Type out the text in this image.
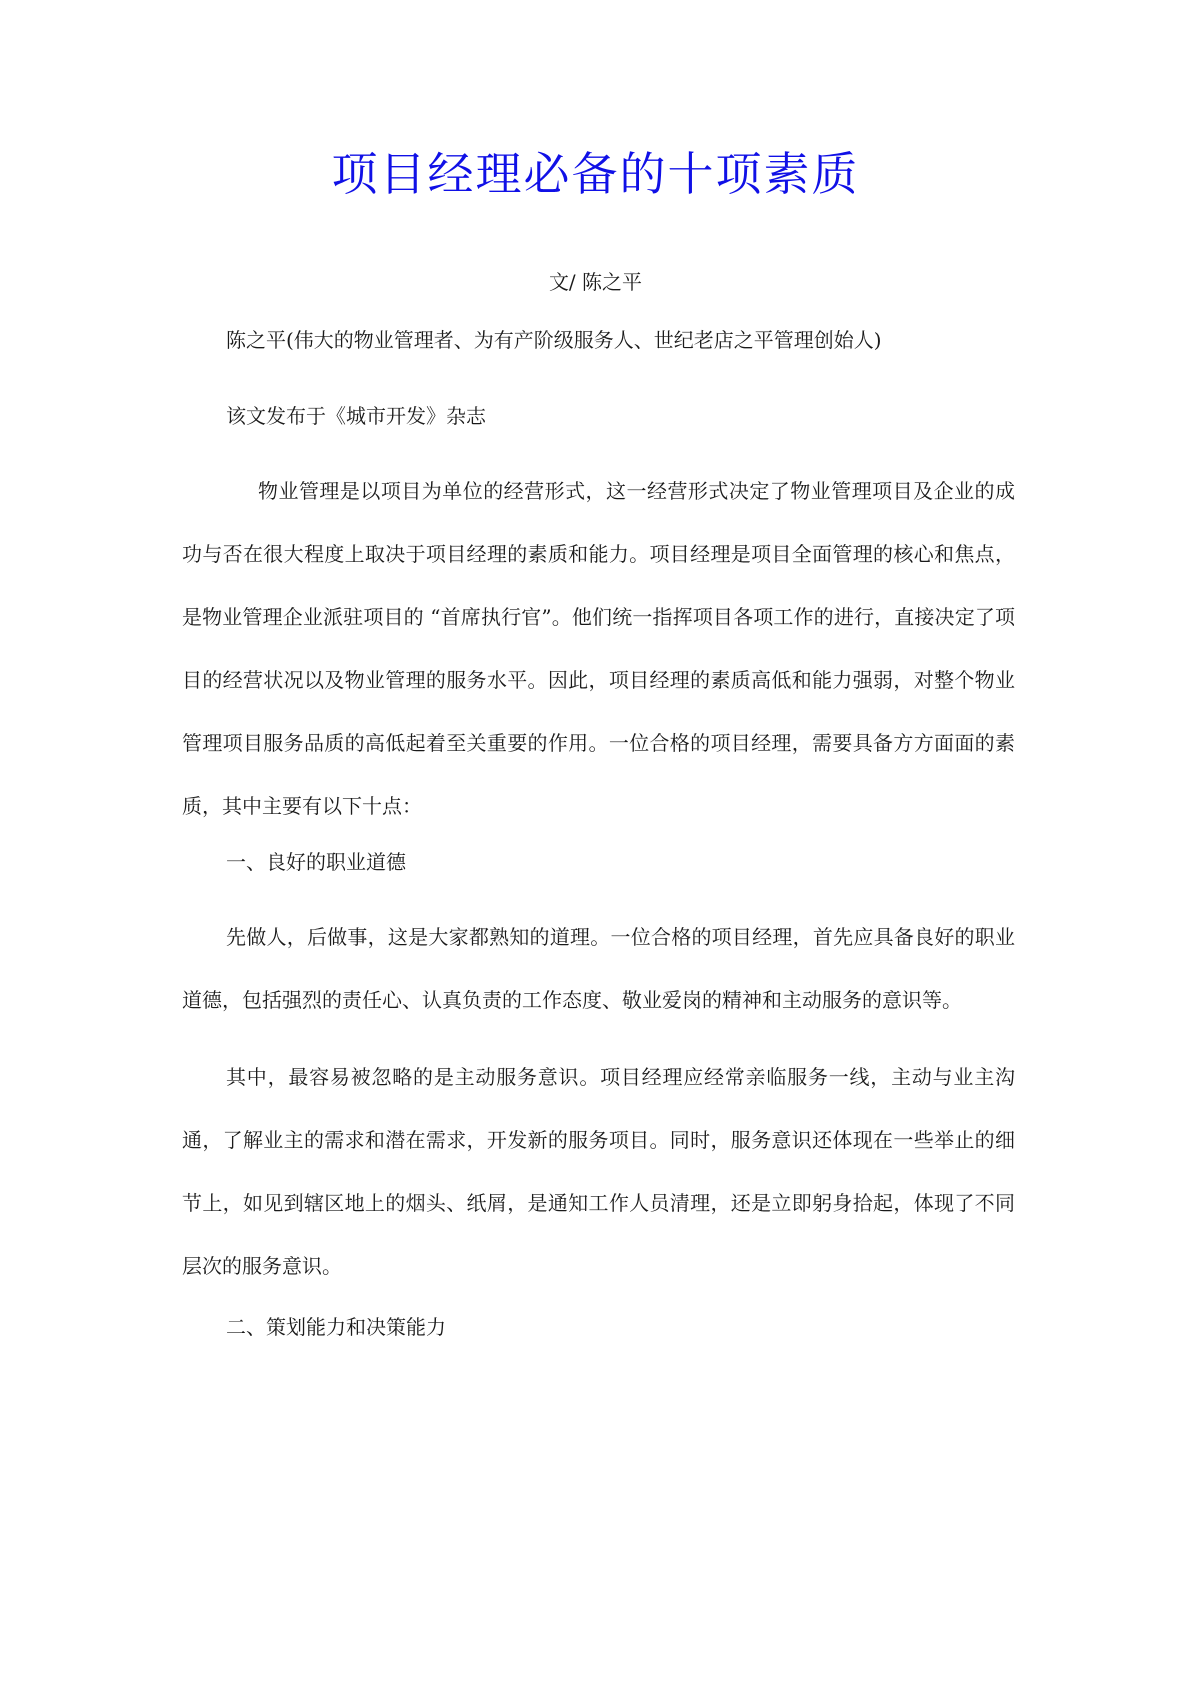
项目经理必备的十项素质

文/ 陈之平

陈之平(伟大的物业管理者、为有产阶级服务人、世纪老店之平管理创始人)

该文发布于《城市开发》杂志

物业管理是以项目为单位的经营形式，这一经营形式决定了物业管理项目及企业的成功与否在很大程度上取决于项目经理的素质和能力。项目经理是项目全面管理的核心和焦点，是物业管理企业派驻项目的 “首席执行官”。他们统一指挥项目各项工作的进行，直接决定了项目的经营状况以及物业管理的服务水平。因此，项目经理的素质高低和能力强弱，对整个物业管理项目服务品质的高低起着至关重要的作用。一位合格的项目经理，需要具备方方面面的素质，其中主要有以下十点：

一、良好的职业道德

先做人，后做事，这是大家都熟知的道理。一位合格的项目经理，首先应具备良好的职业道德，包括强烈的责任心、认真负责的工作态度、敬业爱岗的精神和主动服务的意识等。

其中，最容易被忽略的是主动服务意识。项目经理应经常亲临服务一线，主动与业主沟通，了解业主的需求和潜在需求，开发新的服务项目。同时，服务意识还体现在一些举止的细节上，如见到辖区地上的烟头、纸屑，是通知工作人员清理，还是立即躬身拾起，体现了不同层次的服务意识。

二、策划能力和决策能力
